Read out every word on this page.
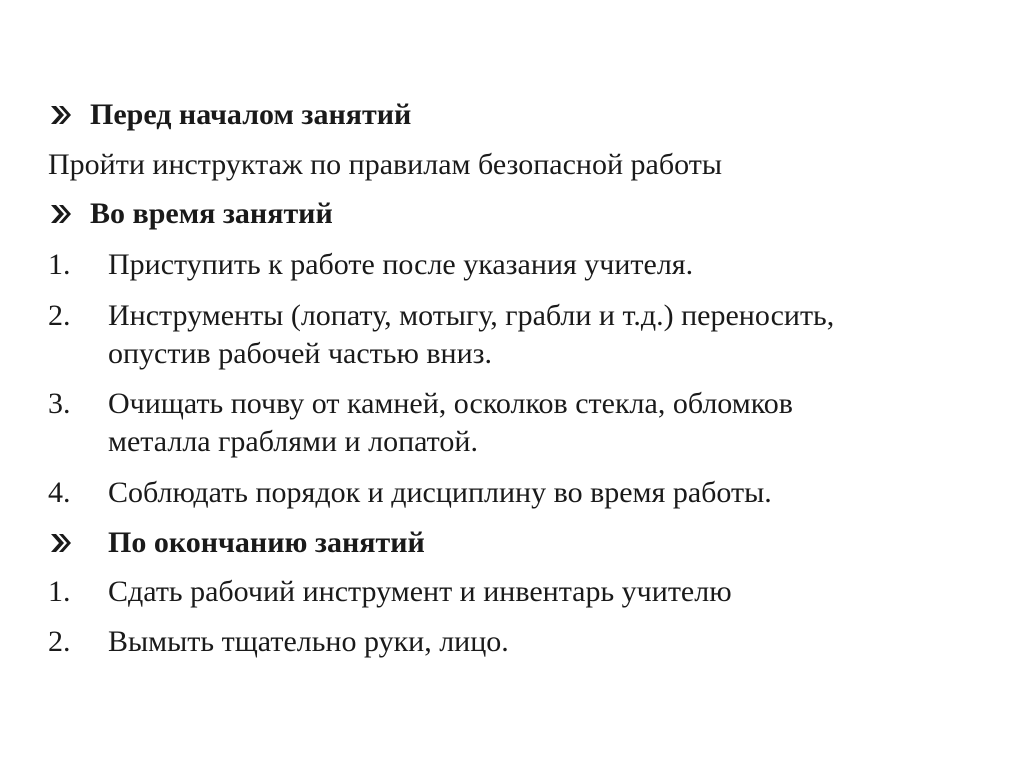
Перед началом занятий
Пройти инструктаж по правилам безопасной работы
Во время занятий
1. Приступить к работе после указания учителя.
2. Инструменты (лопату, мотыгу, грабли и т.д.) переносить,
опустив рабочей частью вниз.
3. Очищать почву от камней, осколков стекла, обломков
металла граблями и лопатой.
4. Соблюдать порядок и дисциплину во время работы.
По окончанию занятий
1. Сдать рабочий инструмент и инвентарь учителю
2. Вымыть тщательно руки, лицо.
